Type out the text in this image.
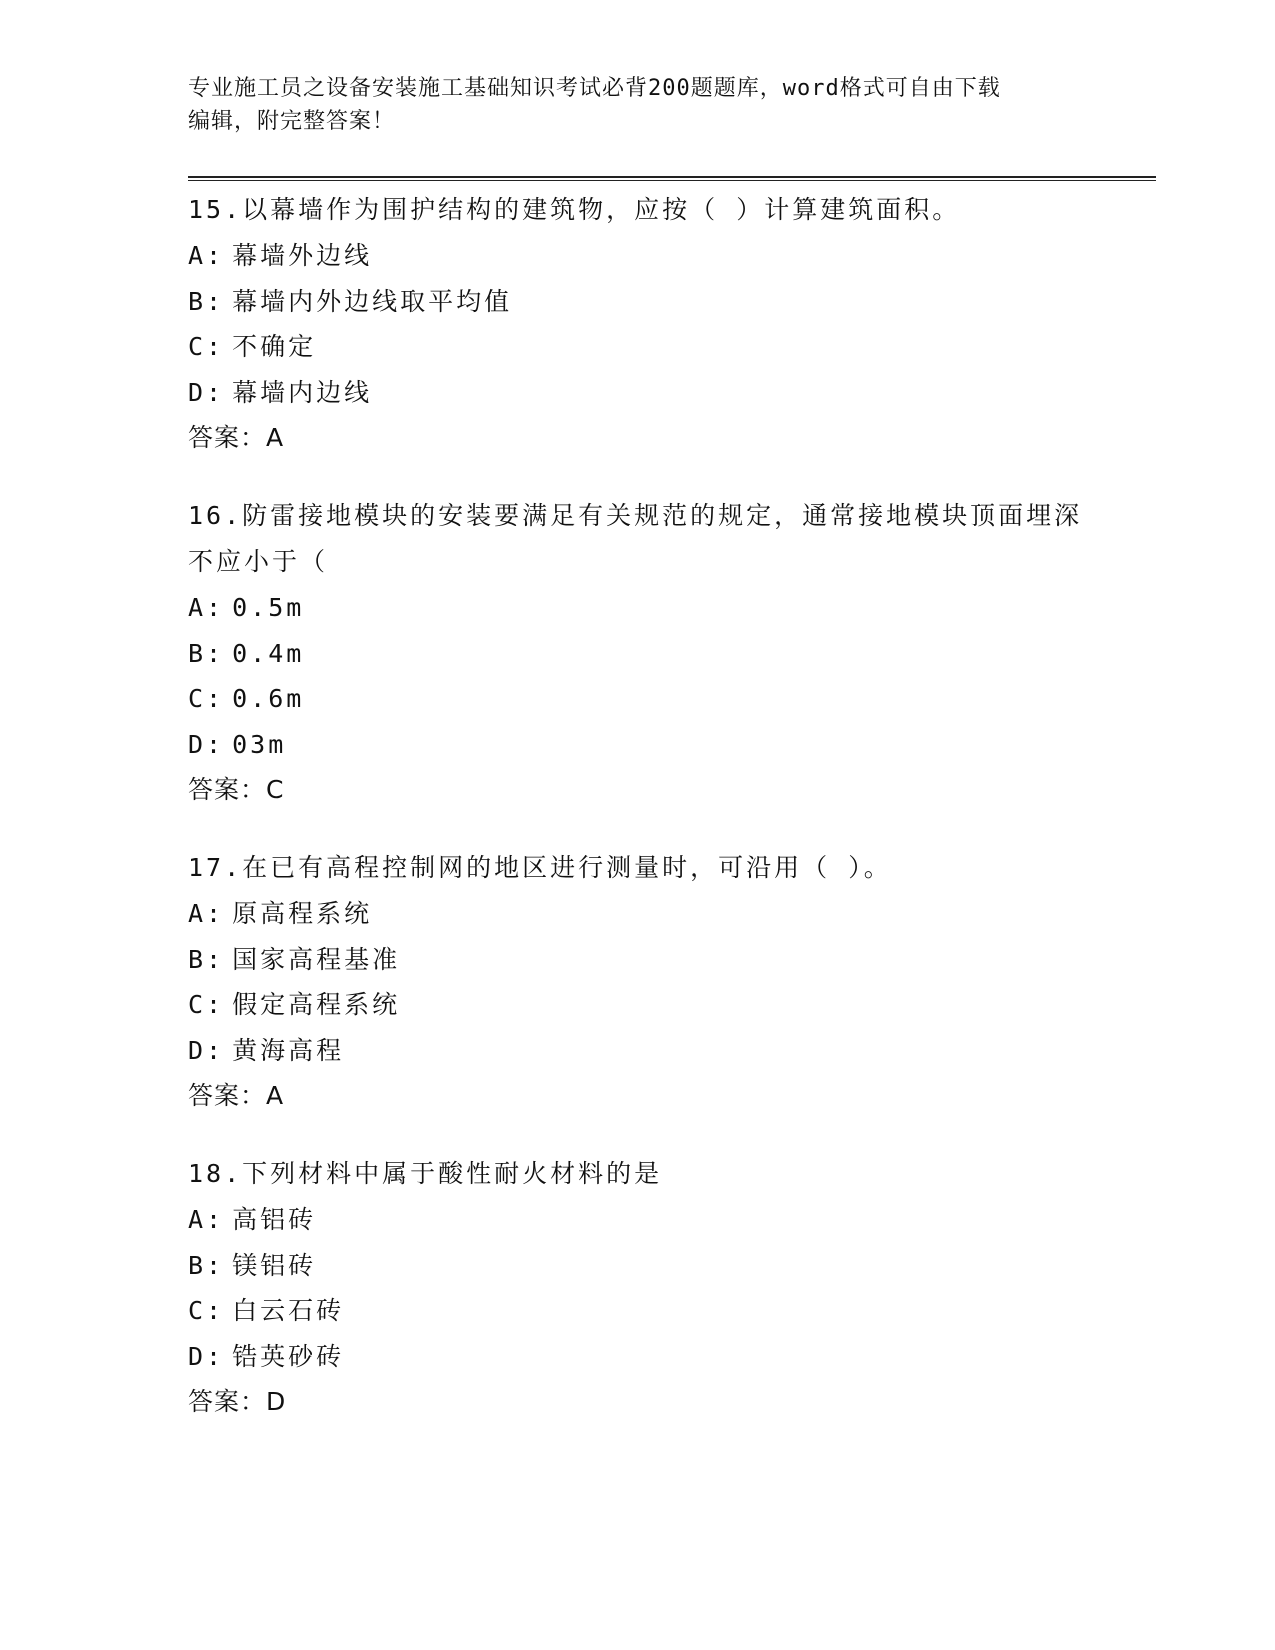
专业施工员之设备安装施工基础知识考试必背200题题库，word格式可自由下载
编辑，附完整答案！
15.以幕墙作为围护结构的建筑物，应按（ ）计算建筑面积。
A: 幕墙外边线
B: 幕墙内外边线取平均值
C: 不确定
D: 幕墙内边线
答案：A
16.防雷接地模块的安装要满足有关规范的规定，通常接地模块顶面埋深不应小于（
A: 0.5m
B: 0.4m
C: 0.6m
D: 03m
答案：C
17.在已有高程控制网的地区进行测量时，可沿用（ ）。
A: 原高程系统
B: 国家高程基准
C: 假定高程系统
D: 黄海高程
答案：A
18.下列材料中属于酸性耐火材料的是
A: 高铝砖
B: 镁铝砖
C: 白云石砖
D: 锆英砂砖
答案：D
